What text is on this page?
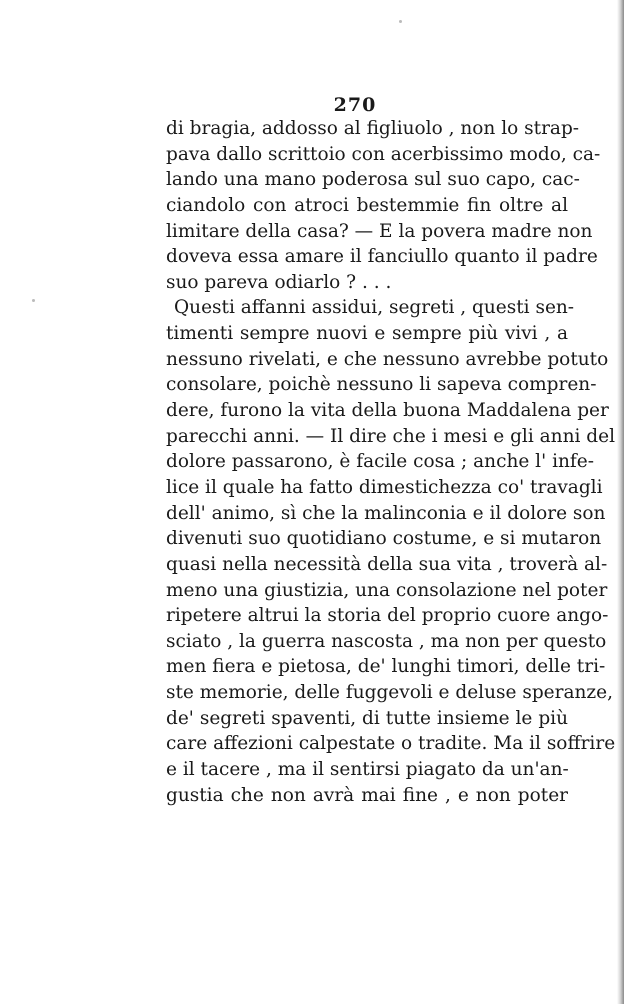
270
di bragia, addosso al figliuolo , non lo strap-
pava dallo scrittoio con acerbissimo modo, ca-
lando una mano poderosa sul suo capo, cac-
ciandolo con atroci bestemmie fin oltre al
limitare della casa? — E la povera madre non
doveva essa amare il fanciullo quanto il padre
suo pareva odiarlo ? . . .
Questi affanni assidui, segreti , questi sen-
timenti sempre nuovi e sempre più vivi , a
nessuno rivelati, e che nessuno avrebbe potuto
consolare, poichè nessuno li sapeva compren-
dere, furono la vita della buona Maddalena per
parecchi anni. — Il dire che i mesi e gli anni del
dolore passarono, è facile cosa ; anche l' infe-
lice il quale ha fatto dimestichezza co' travagli
dell' animo, sì che la malinconia e il dolore son
divenuti suo quotidiano costume, e si mutaron
quasi nella necessità della sua vita , troverà al-
meno una giustizia, una consolazione nel poter
ripetere altrui la storia del proprio cuore ango-
sciato , la guerra nascosta , ma non per questo
men fiera e pietosa, de' lunghi timori, delle tri-
ste memorie, delle fuggevoli e deluse speranze,
de' segreti spaventi, di tutte insieme le più
care affezioni calpestate o tradite. Ma il soffrire
e il tacere , ma il sentirsi piagato da un'an-
gustia che non avrà mai fine , e non poter
